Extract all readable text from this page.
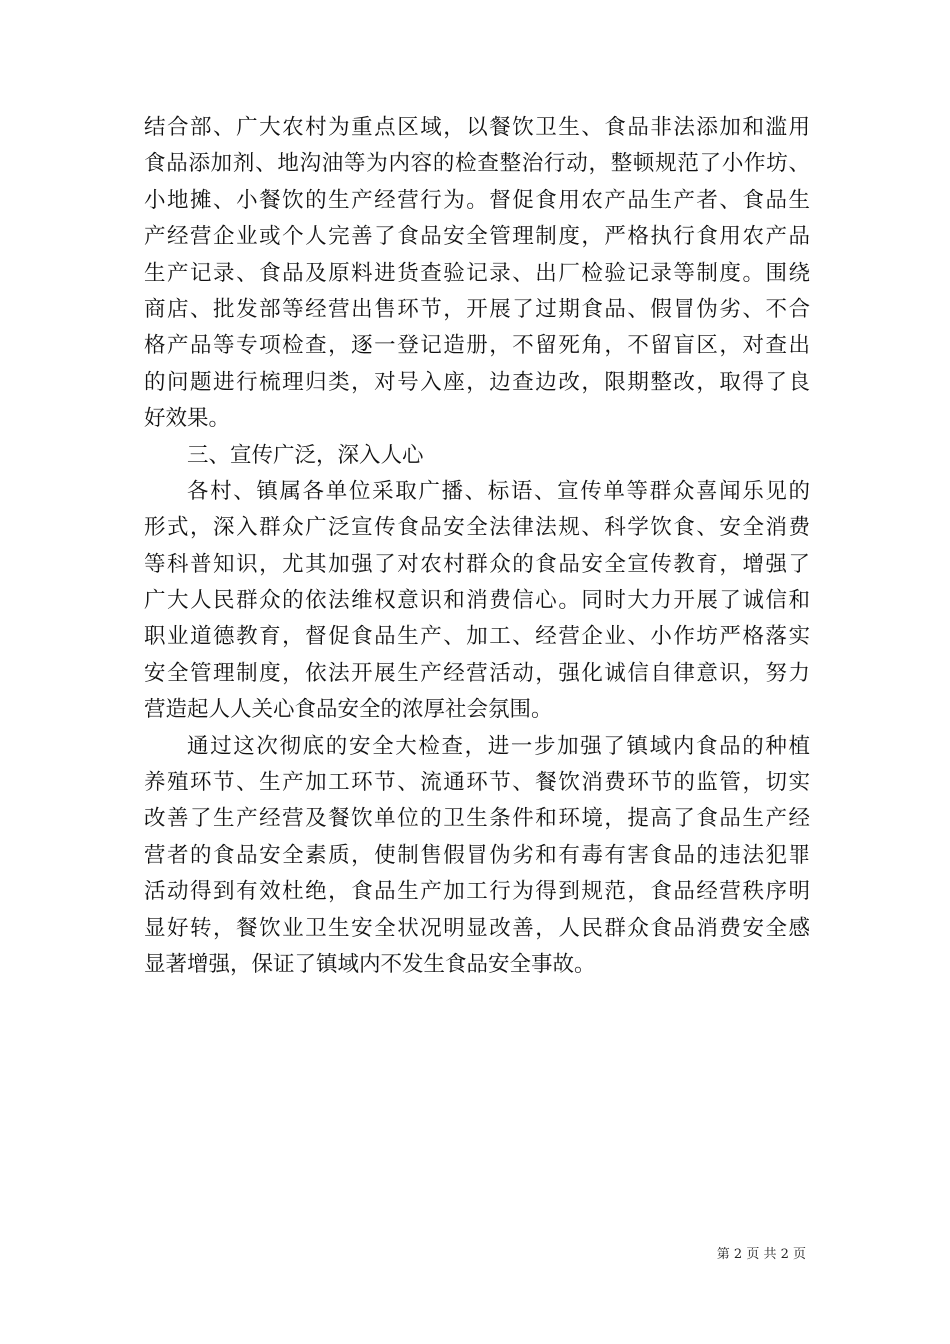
结合部、广大农村为重点区域，以餐饮卫生、食品非法添加和滥用
食品添加剂、地沟油等为内容的检查整治行动，整顿规范了小作坊、
小地摊、小餐饮的生产经营行为。督促食用农产品生产者、食品生
产经营企业或个人完善了食品安全管理制度，严格执行食用农产品
生产记录、食品及原料进货查验记录、出厂检验记录等制度。围绕
商店、批发部等经营出售环节，开展了过期食品、假冒伪劣、不合
格产品等专项检查，逐一登记造册，不留死角，不留盲区，对查出
的问题进行梳理归类，对号入座，边查边改，限期整改，取得了良
好效果。
三、宣传广泛，深入人心
各村、镇属各单位采取广播、标语、宣传单等群众喜闻乐见的
形式，深入群众广泛宣传食品安全法律法规、科学饮食、安全消费
等科普知识，尤其加强了对农村群众的食品安全宣传教育，增强了
广大人民群众的依法维权意识和消费信心。同时大力开展了诚信和
职业道德教育，督促食品生产、加工、经营企业、小作坊严格落实
安全管理制度，依法开展生产经营活动，强化诚信自律意识，努力
营造起人人关心食品安全的浓厚社会氛围。
通过这次彻底的安全大检查，进一步加强了镇域内食品的种植
养殖环节、生产加工环节、流通环节、餐饮消费环节的监管，切实
改善了生产经营及餐饮单位的卫生条件和环境，提高了食品生产经
营者的食品安全素质，使制售假冒伪劣和有毒有害食品的违法犯罪
活动得到有效杜绝，食品生产加工行为得到规范，食品经营秩序明
显好转，餐饮业卫生安全状况明显改善，人民群众食品消费安全感
显著增强，保证了镇域内不发生食品安全事故。
第 2 页 共 2 页
